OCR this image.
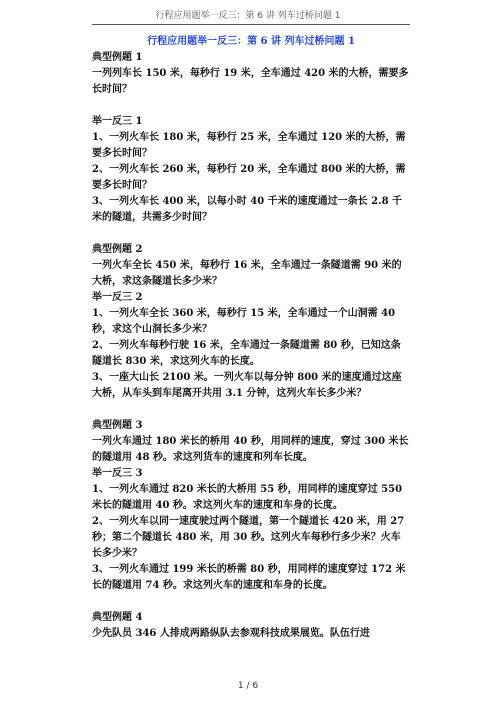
行程应用题举一反三：第 6 讲 列车过桥问题 1

行程应用题举一反三：第 6 讲 列车过桥问题 1

典型例题 1

一列列车长 150 米，每秒行 19 米，全车通过 420 米的大桥，需要多长时间？

举一反三 1

1、一列火车长 180 米，每秒行 25 米，全车通过 120 米的大桥，需要多长时间？

2、一列火车长 260 米，每秒行 20 米，全车通过 800 米的大桥，需要多长时间？

3、一列火车长 400 米，以每小时 40 千米的速度通过一条长 2.8 千米的隧道，共需多少时间？

典型例题 2

一列火车全长 450 米，每秒行 16 米，全车通过一条隧道需 90 米的大桥，求这条隧道长多少米？

举一反三 2

1、一列火车全长 360 米，每秒行 15 米，全车通过一个山洞需 40 秒，求这个山洞长多少米？

2、一列火车每秒行驶 16 米，全车通过一条隧道需 80 秒，已知这条隧道长 830 米，求这列火车的长度。

3、一座大山长 2100 米。一列火车以每分钟 800 米的速度通过这座大桥，从车头到车尾离开共用 3.1 分钟，这列火车长多少米？

典型例题 3

一列火车通过 180 米长的桥用 40 秒，用同样的速度，穿过 300 米长的隧道用 48 秒。求这列货车的速度和列车长度。

举一反三 3

1、一列火车通过 820 米长的大桥用 55 秒，用同样的速度穿过 550 米长的隧道用 40 秒。求这列火车的速度和车身的长度。

2、一列火车以同一速度驶过两个隧道，第一个隧道长 420 米，用 27 秒；第二个隧道长 480 米，用 30 秒。这列火车每秒行多少米？火车长多少米？

3、一列火车通过 199 米长的桥需 80 秒，用同样的速度穿过 172 米长的隧道用 74 秒。求这列火车的速度和车身的长度。

典型例题 4

少先队员 346 人排成两路纵队去参观科技成果展览。队伍行进

1 / 6
